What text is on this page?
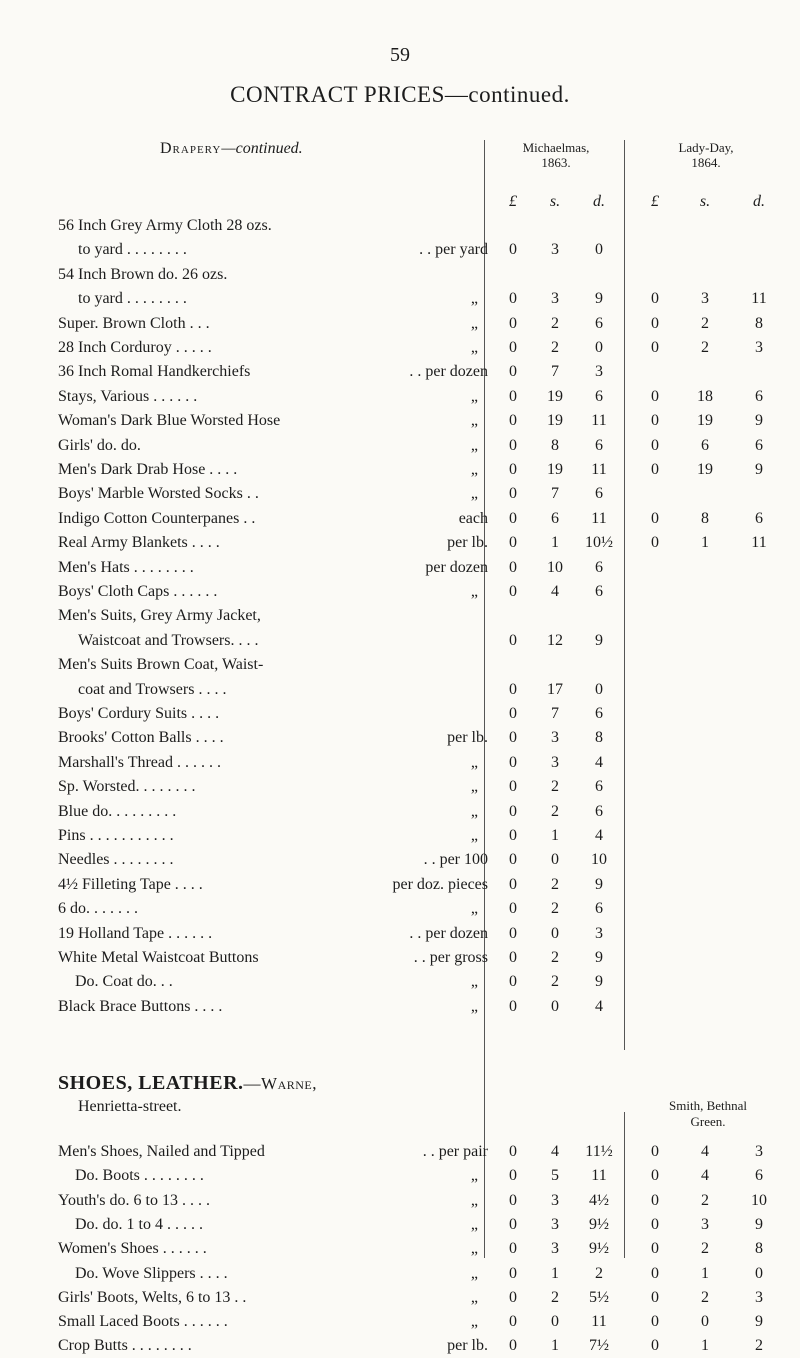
59
CONTRACT PRICES—continued.
Drapery—continued.	Michaelmas,
1863.
Lady-Day,
1864.
£	s.	d.	£	s.	d.
56 Inch Grey Army Cloth 28 ozs.
to yard . . . . . . . .	. . per yard	0	3	0
54 Inch Brown do. 26 ozs.
to yard . . . . . . . .	„	0	3	9	0	3	11
Super. Brown Cloth . . .	„	0	2	6	0	2	8
28 Inch Corduroy . . . . .	„	0	2	0	0	2	3
36 Inch Romal Handkerchiefs	. . per dozen	0	7	3
Stays, Various . . . . . .	„	0	19	6	0	18	6
Woman's Dark Blue Worsted Hose	„	0	19	11	0	19	9
Girls' do. do.	„	0	8	6	0	6	6
Men's Dark Drab Hose . . . .	„	0	19	11	0	19	9
Boys' Marble Worsted Socks . .	„	0	7	6
Indigo Cotton Counterpanes . .	each	0	6	11	0	8	6
Real Army Blankets . . . .	per lb.	0	1	10½	0	1	11
Men's Hats . . . . . . . .	per dozen	0	10	6
Boys' Cloth Caps . . . . . .	„	0	4	6
Men's Suits, Grey Army Jacket,
Waistcoat and Trowsers. . . .	0	12	9
Men's Suits Brown Coat, Waist-
coat and Trowsers . . . .	0	17	0
Boys' Cordury Suits . . . .	0	7	6
Brooks' Cotton Balls . . . .	per lb.	0	3	8
Marshall's Thread . . . . . .	„	0	3	4
Sp. Worsted. . . . . . . .	„	0	2	6
Blue do. . . . . . . . .	„	0	2	6
Pins . . . . . . . . . . .	„	0	1	4
Needles . . . . . . . .	. . per 100	0	0	10
4½ Filleting Tape . . . .	per doz. pieces	0	2	9
6 do. . . . . . .	„	0	2	6
19 Holland Tape . . . . . .	. . per dozen	0	0	3
White Metal Waistcoat Buttons	. . per gross	0	2	9
Do. Coat do. . .	„	0	2	9
Black Brace Buttons . . . .	„	0	0	4
SHOES, LEATHER.—Warne,
Henrietta-street.	Smith, Bethnal
Green.
Men's Shoes, Nailed and Tipped	. . per pair	0	4	11½	0	4	3
Do. Boots . . . . . . . .	„	0	5	11	0	4	6
Youth's do. 6 to 13 . . . .	„	0	3	4½	0	2	10
Do. do. 1 to 4 . . . . .	„	0	3	9½	0	3	9
Women's Shoes . . . . . .	„	0	3	9½	0	2	8
Do. Wove Slippers . . . .	„	0	1	2	0	1	0
Girls' Boots, Welts, 6 to 13 . .	„	0	2	5½	0	2	3
Small Laced Boots . . . . . .	„	0	0	11	0	0	9
Crop Butts . . . . . . . .	per lb.	0	1	7½	0	1	2
